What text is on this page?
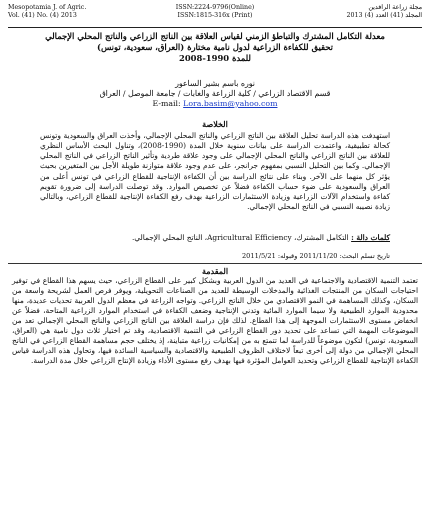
Mesopotamia J. of Agric.
Vol. (41) No. (4) 2013
ISSN:2224-9796(Online)
ISSN:1815-316x (Print)
مجلة زراعة الرافدين
المجلد (41) العدد (4) 2013
معدلة التكامل المشترك والتباطؤ الزمني لقياس العلاقة بين الناتج الزراعي والناتج المحلي الإجمالي
تحقيق للكفاءة الزراعية لدول نامية مختارة (العراق، سعودية، تونس)
للمدة 1990-2008
نوره باسم بشير الساعور
قسم الاقتصاد الزراعي / كلية الزراعة والغابات / جامعة الموصل / العراق
E-mail: Lora.basim@yahoo.com
الخلاصة
استهدفت هذه الدراسة تحليل العلاقة بين الناتج الزراعي والناتج المحلي الإجمالي، وأخذت العراق والسعودية وتونس كحالة تطبيقية، واعتمدت الدراسة على بيانات سنوية خلال المدة (1990-2008)، وتناول البحث الأساس النظري للعلاقة بين الناتج الزراعي والناتج المحلي الإجمالي على وجود علاقة طردية وتأثير الناتج الزراعي في الناتج المحلي الإجمالي. وكما بين التحليل النسبي بمفهوم جرانجر، على عدم وجود علاقة متوازنة طويلة الأجل بين المتغيرين بحيث يؤثر كل منهما على الآخر. وبناء على نتائج الدراسة بين أن الكفاءة الإنتاجية للقطاع الزراعي في تونس أعلى من العراق والسعودية على ضوء حساب الكفاءة فضلاً عن تخصيص الموارد. وقد توصلت الدراسة إلى ضرورة تقويم كفاءة واستخدام الآلات الزراعية وزيادة الاستثمارات الزراعية بهدف رفع الكفاءة الإنتاجية للقطاع الزراعي، وبالتالي زيادة نصيبه النسبي في الناتج المحلي الإجمالي.
كلمات دالة : التكامل المشترك، Agricultural Efficiency، الناتج المحلي الإجمالي.
تاريخ تسلم البحث: 2011/11/20 وقبوله: 2011/5/21
المقدمة
تعتمد التنمية الاقتصادية والاجتماعية في العديد من الدول العربية وبشكل كبير على القطاع الزراعي، حيث يسهم هذا القطاع في توفير احتياجات السكان من المنتجات الغذائية والمدخلات الوسيطة للعديد من الصناعات التحويلية، ويوفر فرص العمل لشريحة واسعة من السكان، وكذلك المساهمة في النمو الاقتصادي من خلال الناتج الزراعي. وتواجه الزراعة في معظم الدول العربية تحديات عديدة، منها محدودية الموارد الطبيعية ولا سيما الموارد المائية وتدني الإنتاجية وضعف الكفاءة في استخدام الموارد الزراعية المتاحة، فضلاً عن انخفاض مستوى الاستثمارات الموجهة إلى هذا القطاع. لذلك فإن دراسة العلاقة بين الناتج الزراعي والناتج المحلي الإجمالي تعد من الموضوعات المهمة التي تساعد على تحديد دور القطاع الزراعي في التنمية الاقتصادية، وقد تم اختيار ثلاث دول نامية هي (العراق، السعودية، تونس) لتكون موضوعاً للدراسة لما تتمتع به من إمكانيات زراعية متباينة، إذ يختلف حجم مساهمة القطاع الزراعي في الناتج المحلي الإجمالي من دولة إلى أخرى تبعاً لاختلاف الظروف الطبيعية والاقتصادية والسياسية السائدة فيها، وتحاول هذه الدراسة قياس الكفاءة الإنتاجية للقطاع الزراعي وتحديد العوامل المؤثرة فيها بهدف رفع مستوى الأداء وزيادة الإنتاج الزراعي خلال مدة الدراسة.
